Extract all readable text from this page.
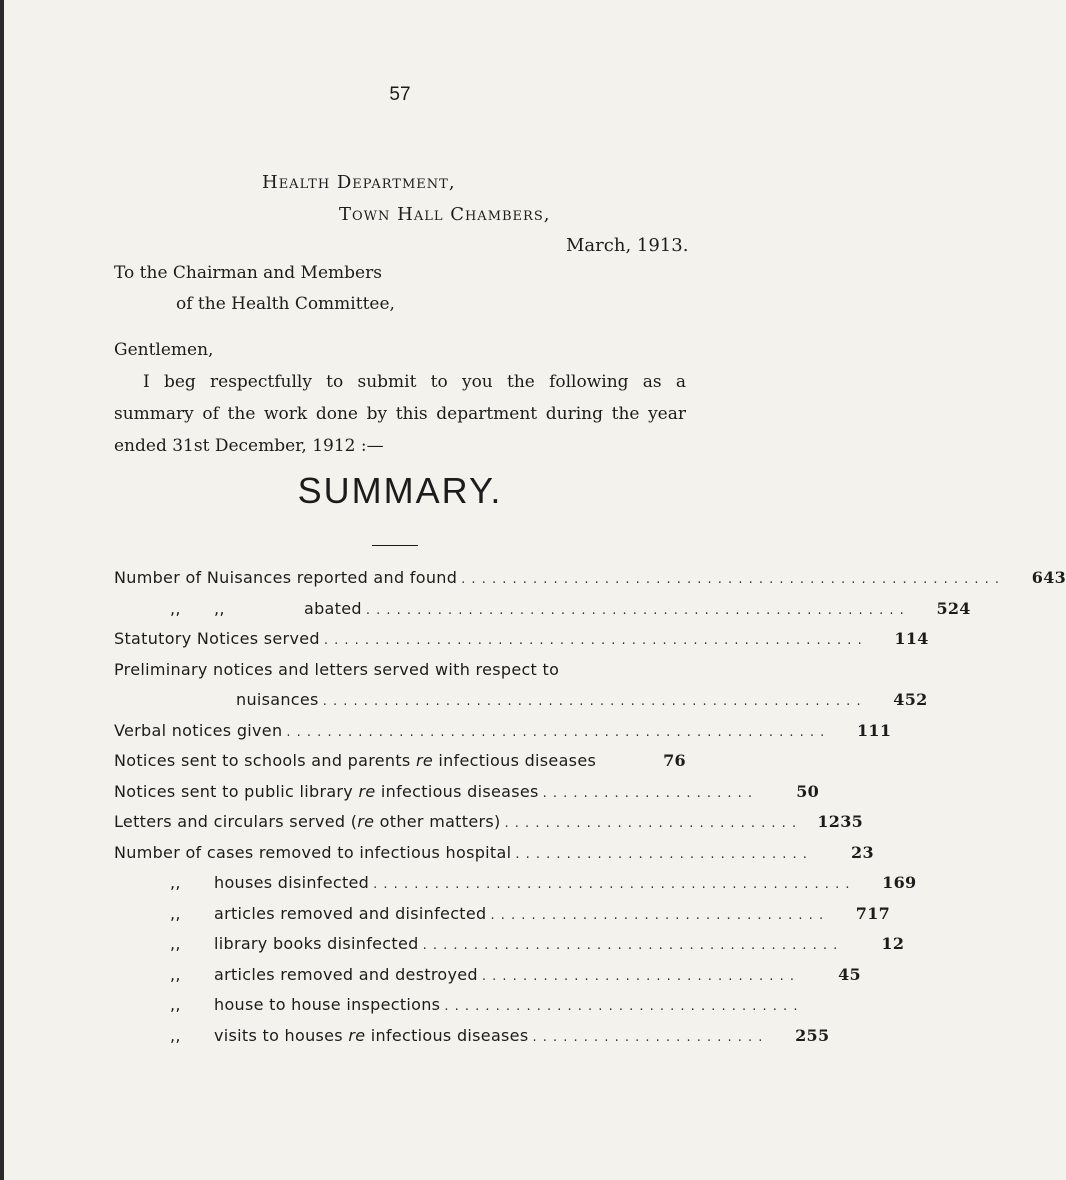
57
Health Department,
Town Hall Chambers,
March, 1913.
To the Chairman and Members
of the Health Committee,
Gentlemen,
I beg respectfully to submit to you the following as a
summary of the work done by this department during the year
ended 31st December, 1912 :—
SUMMARY.
Number of Nuisances reported and found . . . . . . . . . . . . . . . . . . . . . . . . . . . . . . . . . . . . . . . . . . . . . . . . . . . . .	643
,, ,,	abated . . . . . . . . . . . . . . . . . . . . . . . . . . . . . . . . . . . . . . . . . . . . . . . . . . . . .	524
Statutory Notices served . . . . . . . . . . . . . . . . . . . . . . . . . . . . . . . . . . . . . . . . . . . . . . . . . . . . .	114
Preliminary notices and letters served with respect to
nuisances . . . . . . . . . . . . . . . . . . . . . . . . . . . . . . . . . . . . . . . . . . . . . . . . . . . . .	452
Verbal notices given . . . . . . . . . . . . . . . . . . . . . . . . . . . . . . . . . . . . . . . . . . . . . . . . . . . . .	111
Notices sent to schools and parents re infectious diseases	76
Notices sent to public library re infectious diseases . . . . . . . . . . . . . . . . . . . . .	50
Letters and circulars served (re other matters) . . . . . . . . . . . . . . . . . . . . . . . . . . . . .	1235
Number of cases removed to infectious hospital . . . . . . . . . . . . . . . . . . . . . . . . . . . . .	23
,, houses disinfected . . . . . . . . . . . . . . . . . . . . . . . . . . . . . . . . . . . . . . . . . . . . . . .	169
,, articles removed and disinfected . . . . . . . . . . . . . . . . . . . . . . . . . . . . . . . . .	717
,, library books disinfected . . . . . . . . . . . . . . . . . . . . . . . . . . . . . . . . . . . . . . . . .	12
,, articles removed and destroyed . . . . . . . . . . . . . . . . . . . . . . . . . . . . . . .	45
,, house to house inspections . . . . . . . . . . . . . . . . . . . . . . . . . . . . . . . . . . .
,, visits to houses re infectious diseases . . . . . . . . . . . . . . . . . . . . . . .	255
